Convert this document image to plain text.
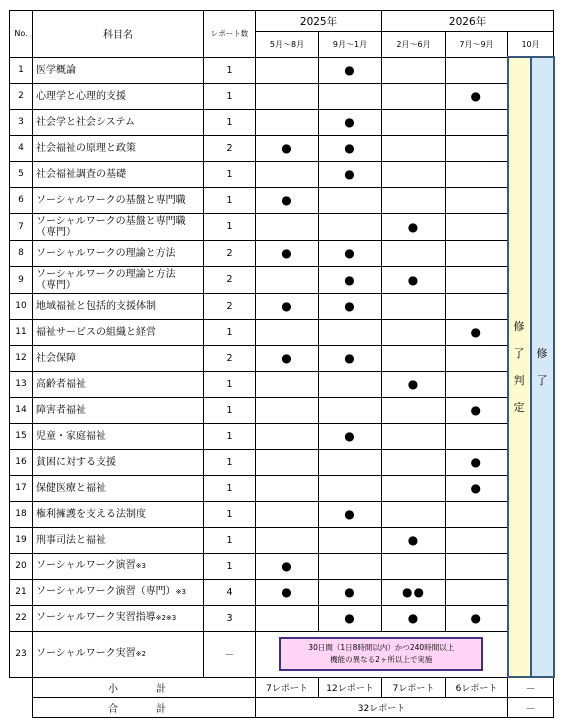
No.	科目名	レポート数	2025年		2026年			
			5月～8月	9月～1月	2月～6月	7月～9月	10月	
1	医学概論	1		●			修了判定	修了
2	心理学と心理的支援	1				●		
3	社会学と社会システム	1		●				
4	社会福祉の原理と政策	2	●	●				
5	社会福祉調査の基礎	1		●				
6	ソーシャルワークの基盤と専門職	1	●					
7	ソーシャルワークの基盤と専門職
（専門）	1			●			
8	ソーシャルワークの理論と方法	2	●	●				
9	ソーシャルワークの理論と方法
（専門）	2		●	●			
10	地域福祉と包括的支援体制	2	●	●				
11	福祉サービスの組織と経営	1				●		
12	社会保障	2	●	●				
13	高齢者福祉	1			●			
14	障害者福祉	1				●		
15	児童・家庭福祉	1		●				
16	貧困に対する支援	1				●		
17	保健医療と福祉	1				●		
18	権利擁護を支える法制度	1		●				
19	刑事司法と福祉	1			●			
20	ソーシャルワーク演習※3	1	●					
21	ソーシャルワーク演習（専門）※3	4	●	●	●●			
22	ソーシャルワーク実習指導※2※3	3		●	●	●		
23	ソーシャルワーク実習※2	－	30日間（1日8時間以内）かつ240時間以上
機能の異なる2ヶ所以上で実施					

	小　計		7レポート	12レポート	7レポート	6レポート	－	
	合　計		32レポート				－	
